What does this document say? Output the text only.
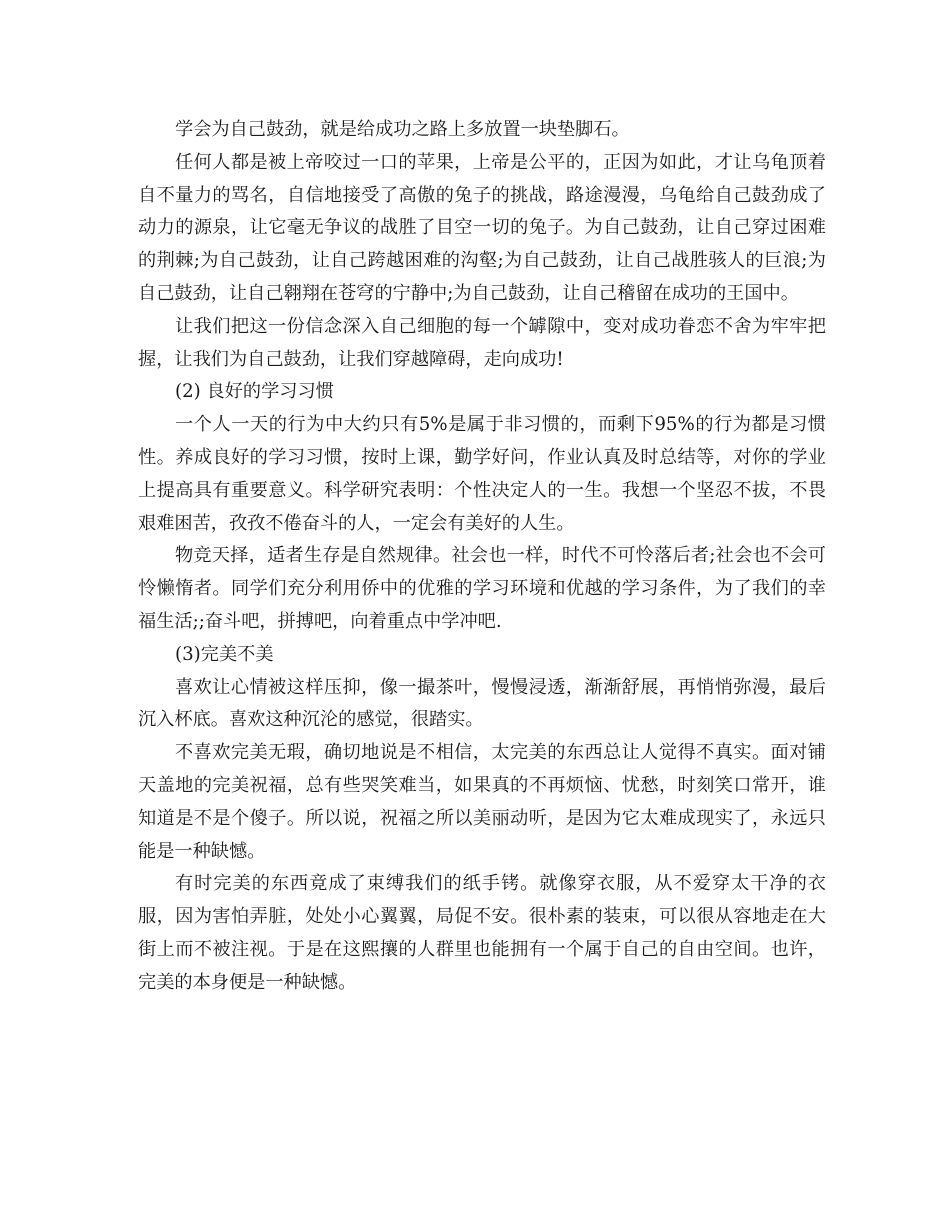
学会为自己鼓劲，就是给成功之路上多放置一块垫脚石。

任何人都是被上帝咬过一口的苹果，上帝是公平的，正因为如此，才让乌龟顶着自不量力的骂名，自信地接受了高傲的兔子的挑战，路途漫漫，乌龟给自己鼓劲成了动力的源泉，让它毫无争议的战胜了目空一切的兔子。为自己鼓劲，让自己穿过困难的荆棘;为自己鼓劲，让自己跨越困难的沟壑;为自己鼓劲，让自己战胜骇人的巨浪;为自己鼓劲，让自己翱翔在苍穹的宁静中;为自己鼓劲，让自己稽留在成功的王国中。

让我们把这一份信念深入自己细胞的每一个罅隙中，变对成功眷恋不舍为牢牢把握，让我们为自己鼓劲，让我们穿越障碍，走向成功!

(2) 良好的学习习惯

一个人一天的行为中大约只有5%是属于非习惯的，而剩下95%的行为都是习惯性。养成良好的学习习惯，按时上课，勤学好问，作业认真及时总结等，对你的学业上提高具有重要意义。科学研究表明：个性决定人的一生。我想一个坚忍不拔，不畏艰难困苦，孜孜不倦奋斗的人，一定会有美好的人生。

物竞天择，适者生存是自然规律。社会也一样，时代不可怜落后者;社会也不会可怜懒惰者。同学们充分利用侨中的优雅的学习环境和优越的学习条件，为了我们的幸福生活;;奋斗吧，拼搏吧，向着重点中学冲吧.

(3)完美不美

喜欢让心情被这样压抑，像一撮茶叶，慢慢浸透，渐渐舒展，再悄悄弥漫，最后沉入杯底。喜欢这种沉沦的感觉，很踏实。

不喜欢完美无瑕，确切地说是不相信，太完美的东西总让人觉得不真实。面对铺天盖地的完美祝福，总有些哭笑难当，如果真的不再烦恼、忧愁，时刻笑口常开，谁知道是不是个傻子。所以说，祝福之所以美丽动听，是因为它太难成现实了，永远只能是一种缺憾。

有时完美的东西竟成了束缚我们的纸手铐。就像穿衣服，从不爱穿太干净的衣服，因为害怕弄脏，处处小心翼翼，局促不安。很朴素的装束，可以很从容地走在大街上而不被注视。于是在这熙攘的人群里也能拥有一个属于自己的自由空间。也许，完美的本身便是一种缺憾。
